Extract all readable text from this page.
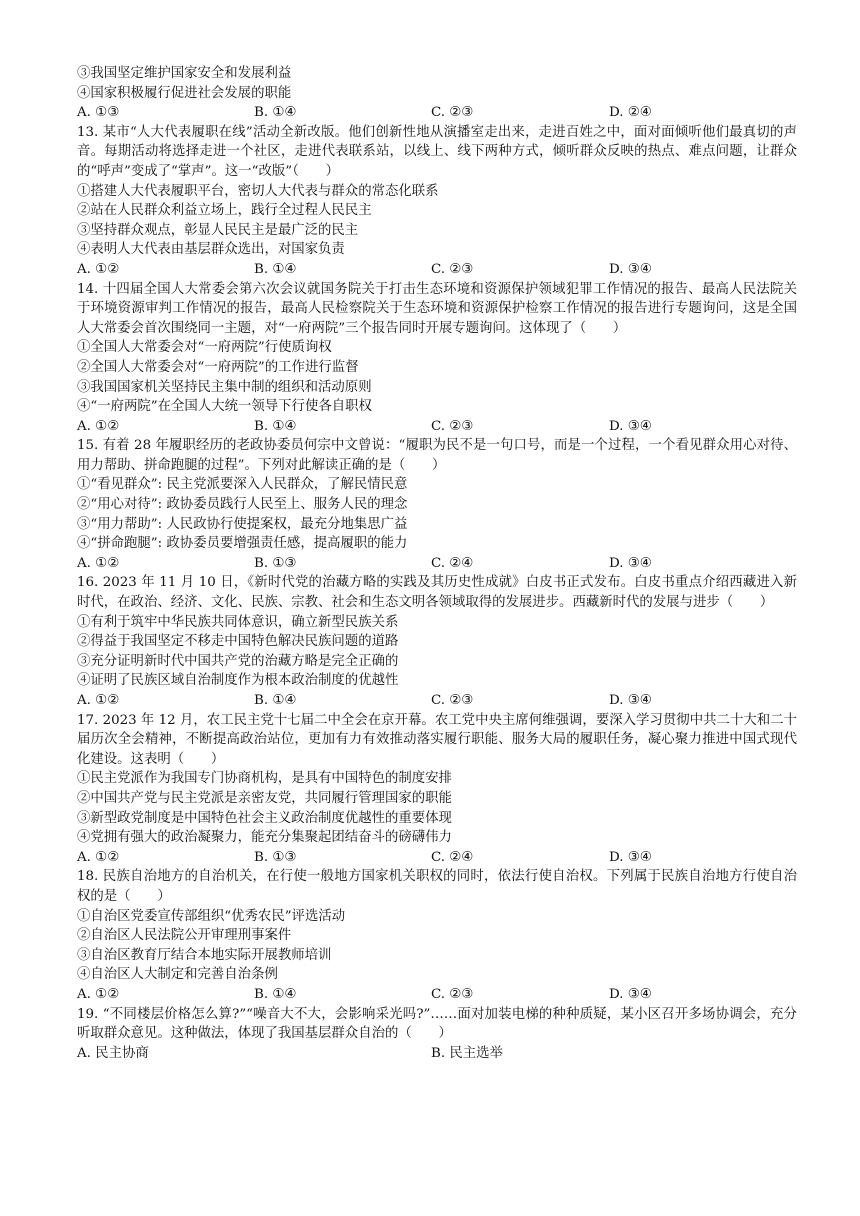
③我国坚定维护国家安全和发展利益
④国家积极履行促进社会发展的职能
A. ①③	B. ①④	C. ②③	D. ②④
13. 某市“人大代表履职在线”活动全新改版。他们创新性地从演播室走出来，走进百姓之中，面对面倾听他们最真切的声音。每期活动将选择走进一个社区，走进代表联系站，以线上、线下两种方式，倾听群众反映的热点、难点问题，让群众的“呼声”变成了“掌声”。这一“改版”（　　）
①搭建人大代表履职平台，密切人大代表与群众的常态化联系
②站在人民群众利益立场上，践行全过程人民民主
③坚持群众观点，彰显人民民主是最广泛的民主
④表明人大代表由基层群众选出，对国家负责
A. ①②	B. ①④	C. ②③	D. ③④
14. 十四届全国人大常委会第六次会议就国务院关于打击生态环境和资源保护领域犯罪工作情况的报告、最高人民法院关于环境资源审判工作情况的报告，最高人民检察院关于生态环境和资源保护检察工作情况的报告进行专题询问，这是全国人大常委会首次围绕同一主题，对“一府两院”三个报告同时开展专题询问。这体现了（　　）
①全国人大常委会对“一府两院”行使质询权
②全国人大常委会对“一府两院”的工作进行监督
③我国国家机关坚持民主集中制的组织和活动原则
④“一府两院”在全国人大统一领导下行使各自职权
A. ①②	B. ①④	C. ②③	D. ③④
15. 有着 28 年履职经历的老政协委员何宗中文曾说：“履职为民不是一句口号，而是一个过程，一个看见群众用心对待、用力帮助、拼命跑腿的过程”。下列对此解读正确的是（　　）
①“看见群众”: 民主党派要深入人民群众，了解民情民意
②“用心对待”: 政协委员践行人民至上、服务人民的理念
③“用力帮助”: 人民政协行使提案权，最充分地集思广益
④“拼命跑腿”: 政协委员要增强责任感，提高履职的能力
A. ①②	B. ①③	C. ②④	D. ③④
16. 2023 年 11 月 10 日，《新时代党的治藏方略的实践及其历史性成就》白皮书正式发布。白皮书重点介绍西藏进入新时代，在政治、经济、文化、民族、宗教、社会和生态文明各领域取得的发展进步。西藏新时代的发展与进步（　　）
①有利于筑牢中华民族共同体意识，确立新型民族关系
②得益于我国坚定不移走中国特色解决民族问题的道路
③充分证明新时代中国共产党的治藏方略是完全正确的
④证明了民族区域自治制度作为根本政治制度的优越性
A. ①②	B. ①④	C. ②③	D. ③④
17. 2023 年 12 月，农工民主党十七届二中全会在京开幕。农工党中央主席何维强调，要深入学习贯彻中共二十大和二十届历次全会精神，不断提高政治站位，更加有力有效推动落实履行职能、服务大局的履职任务，凝心聚力推进中国式现代化建设。这表明（　　）
①民主党派作为我国专门协商机构，是具有中国特色的制度安排
②中国共产党与民主党派是亲密友党，共同履行管理国家的职能
③新型政党制度是中国特色社会主义政治制度优越性的重要体现
④党拥有强大的政治凝聚力，能充分集聚起团结奋斗的磅礴伟力
A. ①②	B. ①③	C. ②④	D. ③④
18. 民族自治地方的自治机关，在行使一般地方国家机关职权的同时，依法行使自治权。下列属于民族自治地方行使自治权的是（　　）
①自治区党委宣传部组织“优秀农民”评选活动
②自治区人民法院公开审理刑事案件
③自治区教育厅结合本地实际开展教师培训
④自治区人大制定和完善自治条例
A. ①②	B. ①④	C. ②③	D. ③④
19. “不同楼层价格怎么算?”“噪音大不大，会影响采光吗?”……面对加装电梯的种种质疑，某小区召开多场协调会，充分听取群众意见。这种做法，体现了我国基层群众自治的（　　）
A. 民主协商	B. 民主选举
